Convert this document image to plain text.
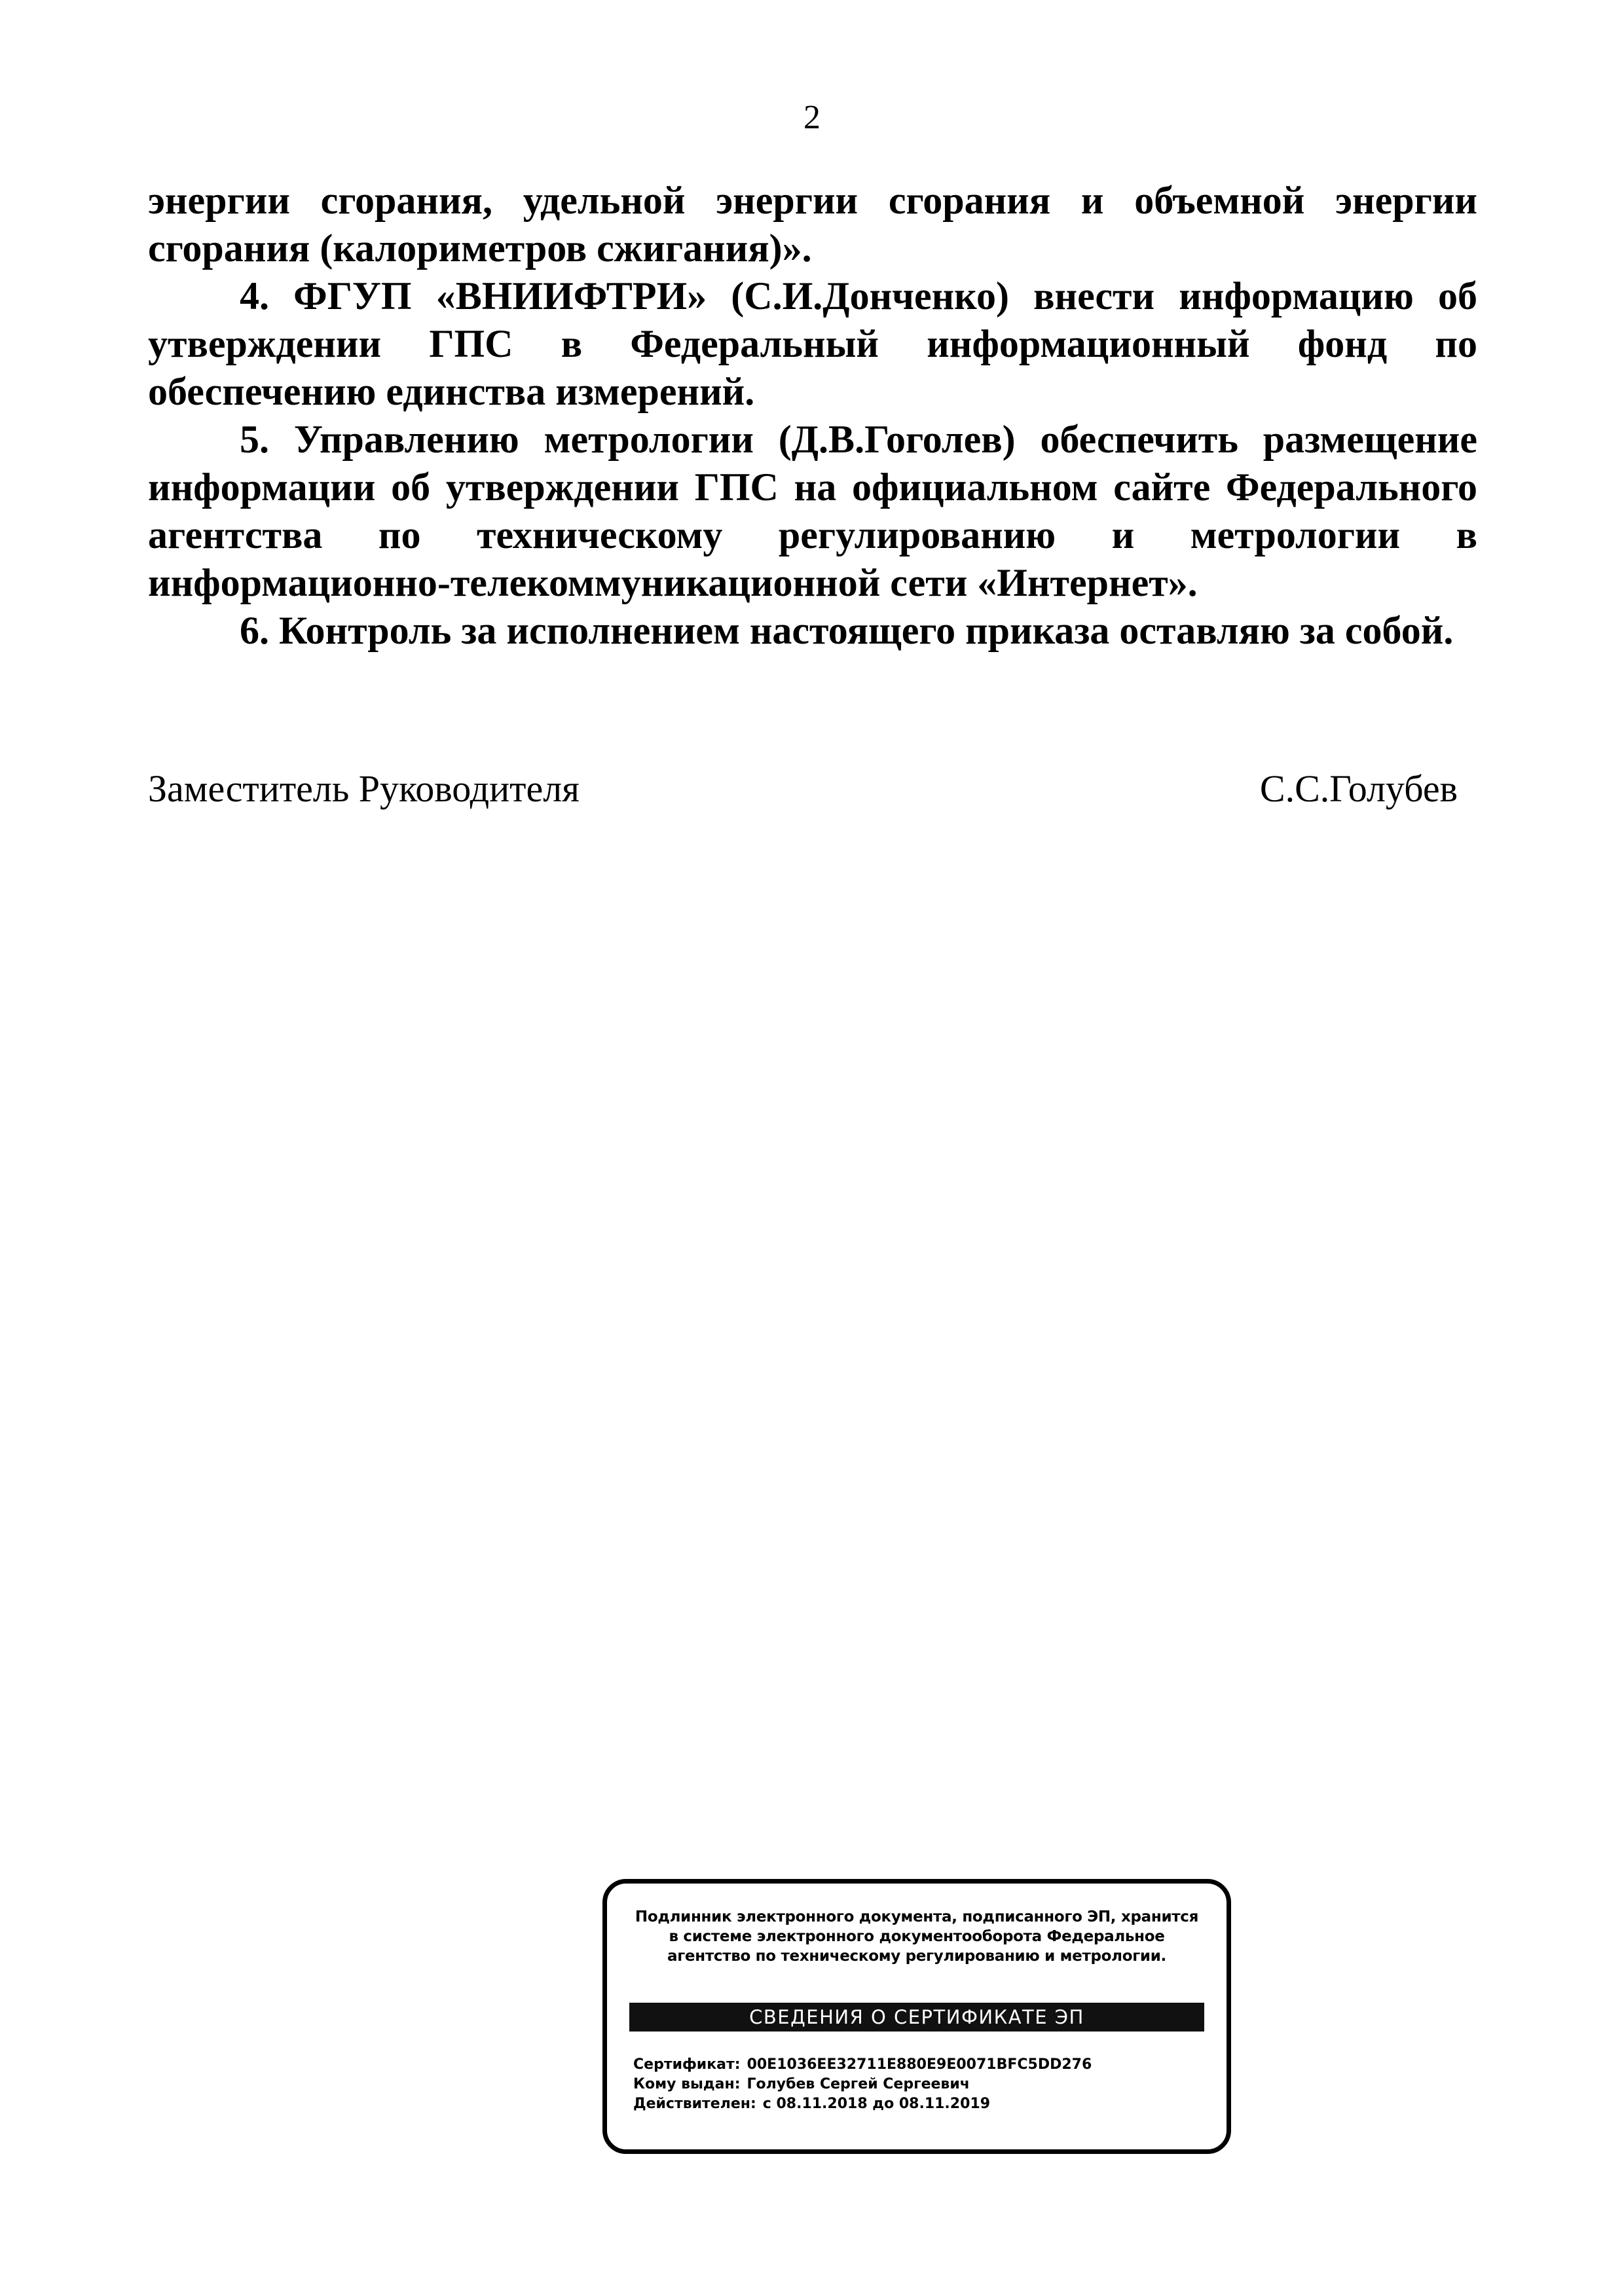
2

энергии сгорания, удельной энергии сгорания и объемной энергии сгорания (калориметров сжигания)».

4. ФГУП «ВНИИФТРИ» (С.И.Донченко) внести информацию об утверждении ГПС в Федеральный информационный фонд по обеспечению единства измерений.

5. Управлению метрологии (Д.В.Гоголев) обеспечить размещение информации об утверждении ГПС на официальном сайте Федерального агентства по техническому регулированию и метрологии в информационно-телекоммуникационной сети «Интернет».

6. Контроль за исполнением настоящего приказа оставляю за собой.

Заместитель Руководителя	С.С.Голубев
Подлинник электронного документа, подписанного ЭП, хранится в системе электронного документооборота Федеральное агентство по техническому регулированию и метрологии.
СВЕДЕНИЯ О СЕРТИФИКАТЕ ЭП
Сертификат: 00E1036EE32711E880E9E0071BFC5DD276
Кому выдан: Голубев Сергей Сергеевич
Действителен: с 08.11.2018 до 08.11.2019
